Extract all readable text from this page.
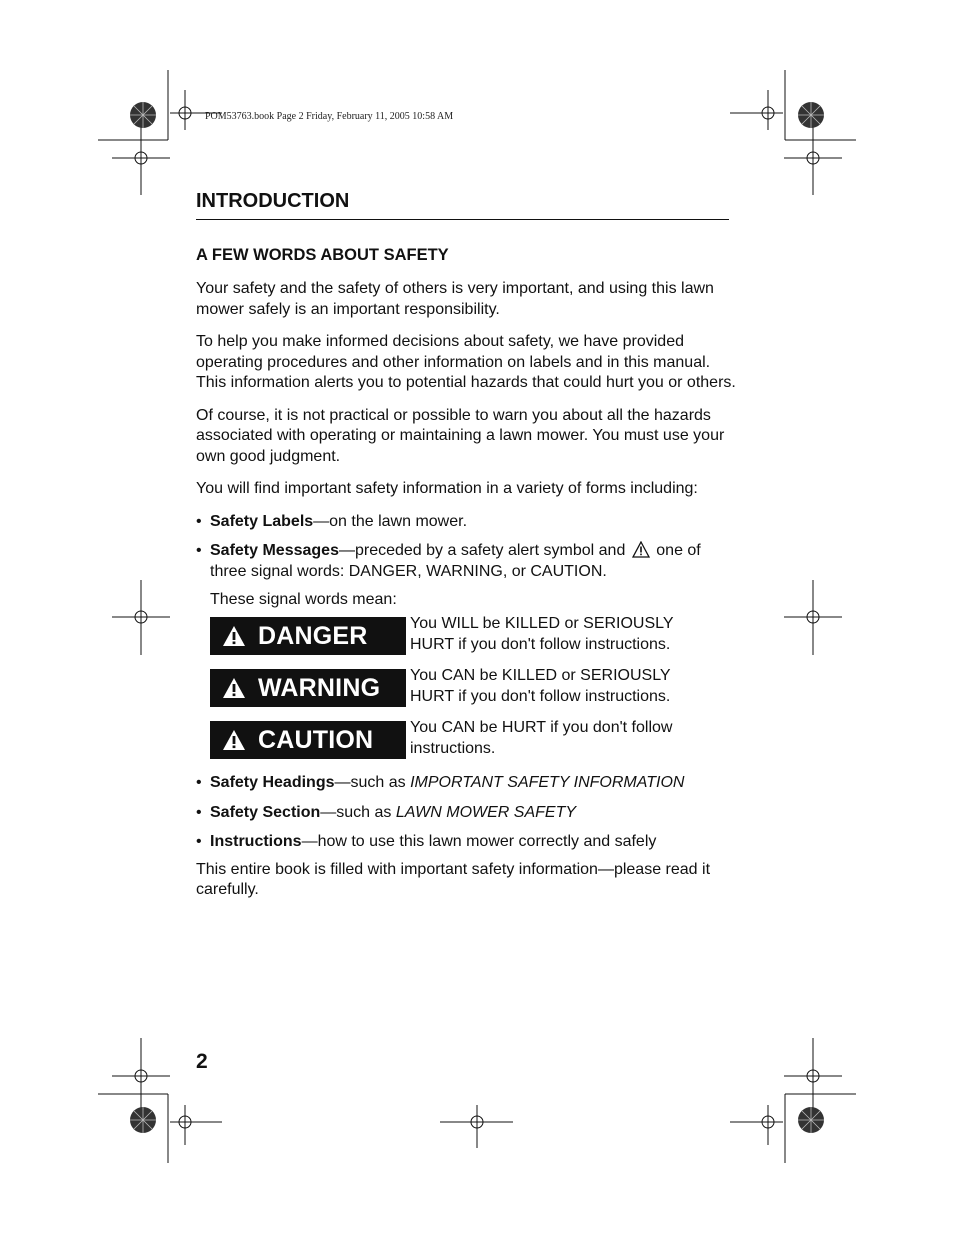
POM53763.book Page 2 Friday, February 11, 2005 10:58 AM
INTRODUCTION
A FEW WORDS ABOUT SAFETY

Your safety and the safety of others is very important, and using this lawn mower safely is an important responsibility.

To help you make informed decisions about safety, we have provided operating procedures and other information on labels and in this manual. This information alerts you to potential hazards that could hurt you or others.

Of course, it is not practical or possible to warn you about all the hazards associated with operating or maintaining a lawn mower. You must use your own good judgment.

You will find important safety information in a variety of forms including:

• Safety Labels—on the lawn mower.
• Safety Messages—preceded by a safety alert symbol and one of three signal words: DANGER, WARNING, or CAUTION.
These signal words mean:
DANGER	You WILL be KILLED or SERIOUSLY HURT if you don't follow instructions.
WARNING You CAN be KILLED or SERIOUSLY HURT if you don't follow instructions.
CAUTION You CAN be HURT if you don't follow instructions.
• Safety Headings—such as IMPORTANT SAFETY INFORMATION
• Safety Section—such as LAWN MOWER SAFETY
• Instructions—how to use this lawn mower correctly and safely

This entire book is filled with important safety information—please read it carefully.

2
